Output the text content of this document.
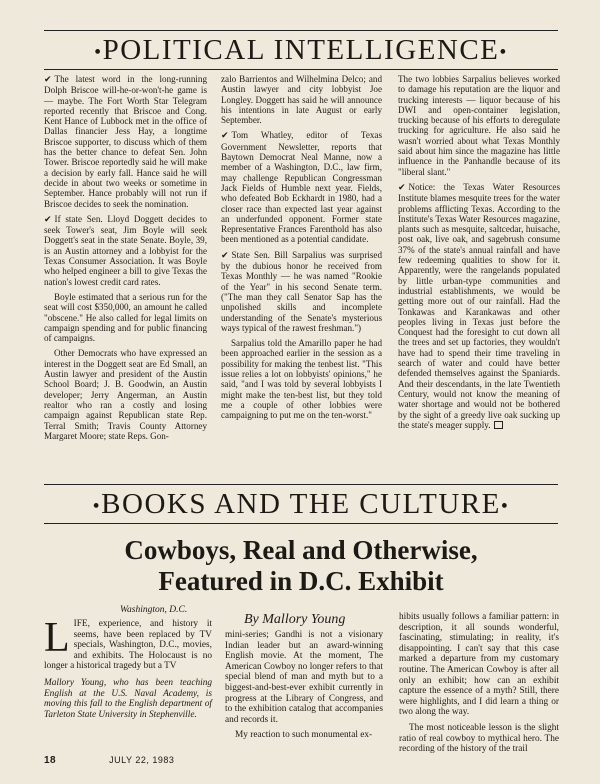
•POLITICAL INTELLIGENCE•

✔ The latest word in the long-running Dolph Briscoe will-he-or-won't-he game is — maybe. The Fort Worth Star Telegram reported recently that Briscoe and Cong. Kent Hance of Lubbock met in the office of Dallas financier Jess Hay, a longtime Briscoe supporter, to discuss which of them has the better chance to defeat Sen. John Tower. Briscoe reportedly said he will make a decision by early fall. Hance said he will decide in about two weeks or sometime in September. Hance probably will not run if Briscoe decides to seek the nomination.

✔ If state Sen. Lloyd Doggett decides to seek Tower's seat, Jim Boyle will seek Doggett's seat in the state Senate. Boyle, 39, is an Austin attorney and a lobbyist for the Texas Consumer Association. It was Boyle who helped engineer a bill to give Texas the nation's lowest credit card rates.

Boyle estimated that a serious run for the seat will cost $350,000, an amount he called "obscene." He also called for legal limits on campaign spending and for public financing of campaigns.

Other Democrats who have expressed an interest in the Doggett seat are Ed Small, an Austin lawyer and president of the Austin School Board; J. B. Goodwin, an Austin developer; Jerry Angerman, an Austin realtor who ran a costly and losing campaign against Republican state Rep. Terral Smith; Travis County Attorney Margaret Moore; state Reps. Gon-

zalo Barrientos and Wilhelmina Delco; and Austin lawyer and city lobbyist Joe Longley. Doggett has said he will announce his intentions in late August or early September.

✔ Tom Whatley, editor of Texas Government Newsletter, reports that Baytown Democrat Neal Manne, now a member of a Washington, D.C., law firm, may challenge Republican Congressman Jack Fields of Humble next year. Fields, who defeated Bob Eckhardt in 1980, had a closer race than expected last year against an underfunded opponent. Former state Representative Frances Farenthold has also been mentioned as a potential candidate.

✔ State Sen. Bill Sarpalius was surprised by the dubious honor he received from Texas Monthly — he was named "Rookie of the Year" in his second Senate term. ("The man they call Senator Sap has the unpolished skills and incomplete understanding of the Senate's mysterious ways typical of the rawest freshman.")

Sarpalius told the Amarillo paper he had been approached earlier in the session as a possibility for making the tenbest list. "This issue relies a lot on lobbyists' opinions," he said, "and I was told by several lobbyists I might make the ten-best list, but they told me a couple of other lobbies were campaigning to put me on the ten-worst."

The two lobbies Sarpalius believes worked to damage his reputation are the liquor and trucking interests — liquor because of his DWI and open-container legislation, trucking because of his efforts to deregulate trucking for agriculture. He also said he wasn't worried about what Texas Monthly said about him since the magazine has little influence in the Panhandle because of its "liberal slant."

✔ Notice: the Texas Water Resources Institute blames mesquite trees for the water problems afflicting Texas. According to the Institute's Texas Water Resources magazine, plants such as mesquite, saltcedar, huisache, post oak, live oak, and sagebrush consume 37% of the state's annual rainfall and have few redeeming qualities to show for it. Apparently, were the rangelands populated by little urban-type communities and industrial establishments, we would be getting more out of our rainfall. Had the Tonkawas and Karankawas and other peoples living in Texas just before the Conquest had the foresight to cut down all the trees and set up factories, they wouldn't have had to spend their time traveling in search of water and could have better defended themselves against the Spaniards. And their descendants, in the late Twentieth Century, would not know the meaning of water shortage and would not be bothered by the sight of a greedy live oak sucking up the state's meager supply.

•BOOKS AND THE CULTURE•
Cowboys, Real and Otherwise,
Featured in D.C. Exhibit
Washington, D.C.
By Mallory Young

LIFE, experience, and history it seems, have been replaced by TV specials, Washington, D.C., movies, and exhibits. The Holocaust is no longer a historical tragedy but a TV

Mallory Young, who has been teaching English at the U.S. Naval Academy, is moving this fall to the English department of Tarleton State University in Stephenville.

mini-series; Gandhi is not a visionary Indian leader but an award-winning English movie. At the moment, The American Cowboy no longer refers to that special blend of man and myth but to a biggest-and-best-ever exhibit currently in progress at the Library of Congress, and to the exhibition catalog that accompanies and records it.

My reaction to such monumental ex-

hibits usually follows a familiar pattern: in description, it all sounds wonderful, fascinating, stimulating; in reality, it's disappointing. I can't say that this case marked a departure from my customary routine. The American Cowboy is after all only an exhibit; how can an exhibit capture the essence of a myth? Still, there were highlights, and I did learn a thing or two along the way.

The most noticeable lesson is the slight ratio of real cowboy to mythical hero. The recording of the history of the trail

18	JULY 22, 1983
